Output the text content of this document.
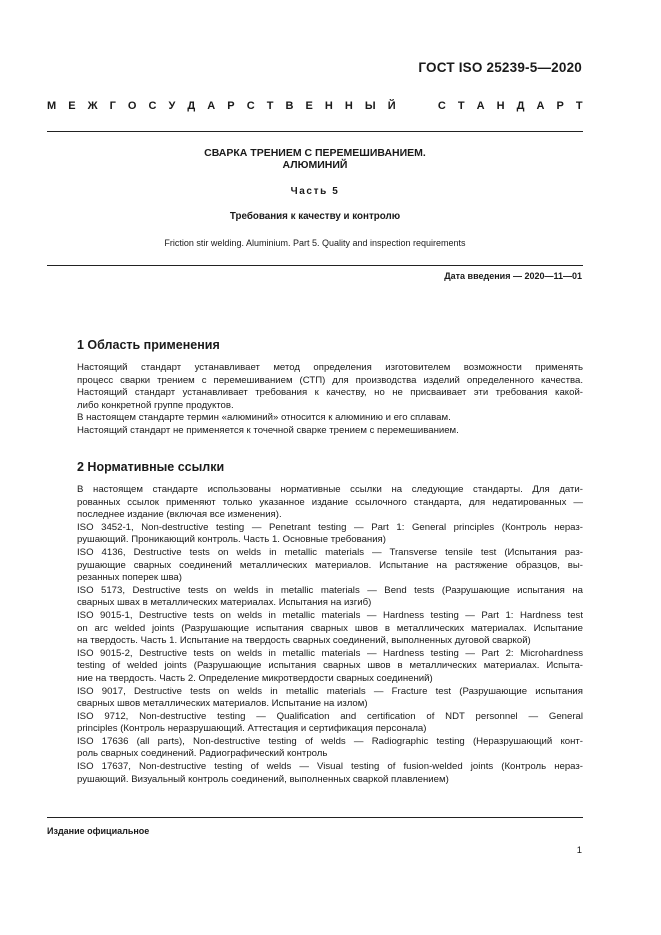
ГОСТ ISO 25239-5—2020
М Е Ж Г О С У Д А Р С Т В Е Н Н Ы Й

	С Т А Н Д А Р Т
СВАРКА ТРЕНИЕМ С ПЕРЕМЕШИВАНИЕМ.
АЛЮМИНИЙ
Часть 5
Требования к качеству и контролю
Friction stir welding. Aluminium. Part 5. Quality and inspection requirements
Дата введения — 2020—11—01
1 Область применения
Настоящий стандарт устанавливает метод определения изготовителем возможности применять
процесс сварки трением с перемешиванием (СТП) для производства изделий определенного качества.
Настоящий стандарт устанавливает требования к качеству, но не присваивает эти требования какой-
либо конкретной группе продуктов.
В настоящем стандарте термин «алюминий» относится к алюминию и его сплавам.
Настоящий стандарт не применяется к точечной сварке трением с перемешиванием.
2 Нормативные ссылки
В настоящем стандарте использованы нормативные ссылки на следующие стандарты. Для дати-
рованных ссылок применяют только указанное издание ссылочного стандарта, для недатированных —
последнее издание (включая все изменения).
ISO 3452-1, Non-destructive testing — Penetrant testing — Part 1: General principles (Контроль нераз-
рушающий. Проникающий контроль. Часть 1. Основные требования)
ISO 4136, Destructive tests on welds in metallic materials — Transverse tensile test (Испытания раз-
рушающие сварных соединений металлических материалов. Испытание на растяжение образцов, вы-
резанных поперек шва)
ISO 5173, Destructive tests on welds in metallic materials — Bend tests (Разрушающие испытания на
сварных швах в металлических материалах. Испытания на изгиб)
ISO 9015-1, Destructive tests on welds in metallic materials — Hardness testing — Part 1: Hardness test
on arc welded joints (Разрушающие испытания сварных швов в металлических материалах. Испытание
на твердость. Часть 1. Испытание на твердость сварных соединений, выполненных дуговой сваркой)
ISO 9015-2, Destructive tests on welds in metallic materials — Hardness testing — Part 2: Microhardness
testing of welded joints (Разрушающие испытания сварных швов в металлических материалах. Испыта-
ние на твердость. Часть 2. Определение микротвердости сварных соединений)
ISO 9017, Destructive tests on welds in metallic materials — Fracture test (Разрушающие испытания
сварных швов металлических материалов. Испытание на излом)
ISO 9712, Non-destructive testing — Qualification and certification of NDT personnel — General
principles (Контроль неразрушающий. Аттестация и сертификация персонала)
ISO 17636 (all parts), Non-destructive testing of welds — Radiographic testing (Неразрушающий конт-
роль сварных соединений. Радиографический контроль
ISO 17637, Non-destructive testing of welds — Visual testing of fusion-welded joints (Контроль нераз-
рушающий. Визуальный контроль соединений, выполненных сваркой плавлением)
Издание официальное
1
